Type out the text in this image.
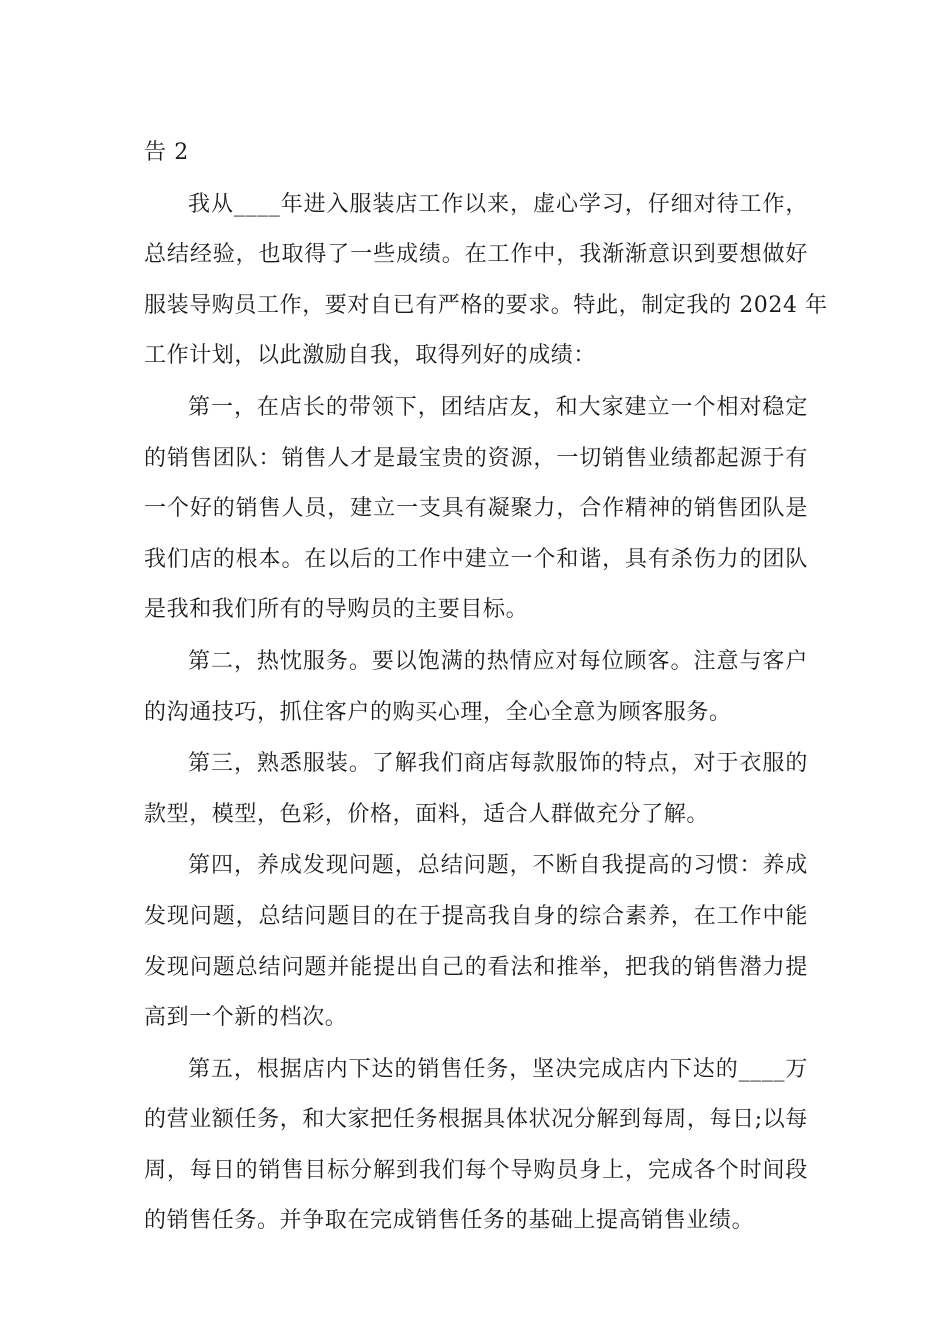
告 2
我从____年进入服装店工作以来，虚心学习，仔细对待工作，
总结经验，也取得了一些成绩。在工作中，我渐渐意识到要想做好
服装导购员工作，要对自已有严格的要求。特此，制定我的 2024 年
工作计划，以此激励自我，取得列好的成绩：
第一，在店长的带领下，团结店友，和大家建立一个相对稳定
的销售团队：销售人才是最宝贵的资源，一切销售业绩都起源于有
一个好的销售人员，建立一支具有凝聚力，合作精神的销售团队是
我们店的根本。在以后的工作中建立一个和谐，具有杀伤力的团队
是我和我们所有的导购员的主要目标。
第二，热忱服务。要以饱满的热情应对每位顾客。注意与客户
的沟通技巧，抓住客户的购买心理，全心全意为顾客服务。
第三，熟悉服装。了解我们商店每款服饰的特点，对于衣服的
款型，模型，色彩，价格，面料，适合人群做充分了解。
第四，养成发现问题，总结问题，不断自我提高的习惯：养成
发现问题，总结问题目的在于提高我自身的综合素养，在工作中能
发现问题总结问题并能提出自己的看法和推举，把我的销售潜力提
高到一个新的档次。
第五，根据店内下达的销售任务，坚决完成店内下达的____万
的营业额任务，和大家把任务根据具体状况分解到每周，每日;以每
周，每日的销售目标分解到我们每个导购员身上，完成各个时间段
的销售任务。并争取在完成销售任务的基础上提高销售业绩。
